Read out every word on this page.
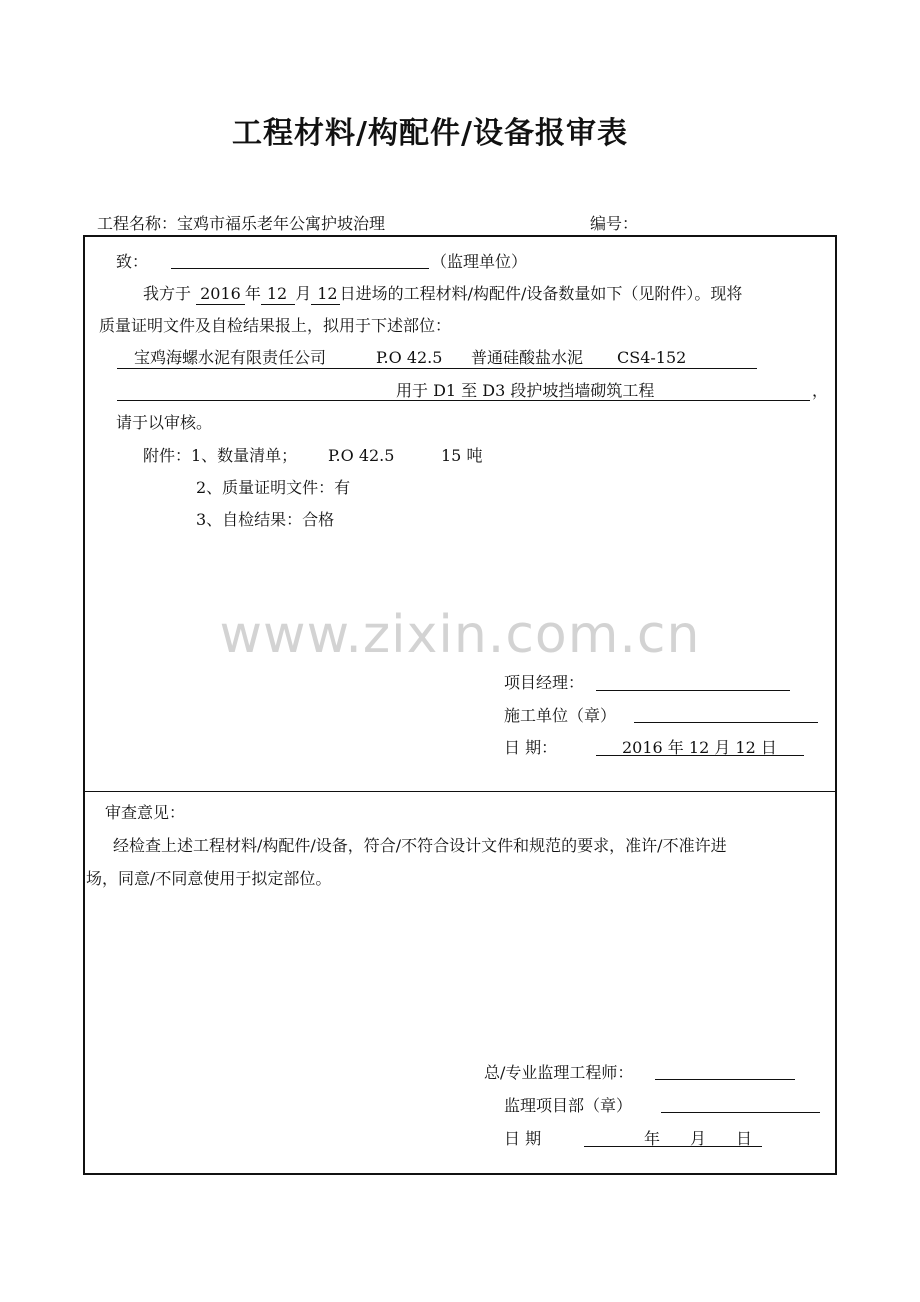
工程材料/构配件/设备报审表
工程名称：宝鸡市福乐老年公寓护坡治理	编号：
致：	（监理单位）
我方于 2016 年 12 月 12 日进场的工程材料/构配件/设备数量如下（见附件）。现将
质量证明文件及自检结果报上，拟用于下述部位：
宝鸡海螺水泥有限责任公司	P.O 42.5 普通硅酸盐水泥 CS4-152
用于 D1 至 D3 段护坡挡墙砌筑工程	，
请于以审核。
附件：1、数量清单； P.O 42.5	15 吨
2、质量证明文件：有
3、自检结果：合格
www.zixin.com.cn
项目经理：
施工单位（章）
日 期：	2016 年 12 月 12 日
审查意见：
经检查上述工程材料/构配件/设备，符合/不符合设计文件和规范的要求，准许/不准许进
场，同意/不同意使用于拟定部位。
总/专业监理工程师：
监理项目部（章）
日 期	年 月 日
